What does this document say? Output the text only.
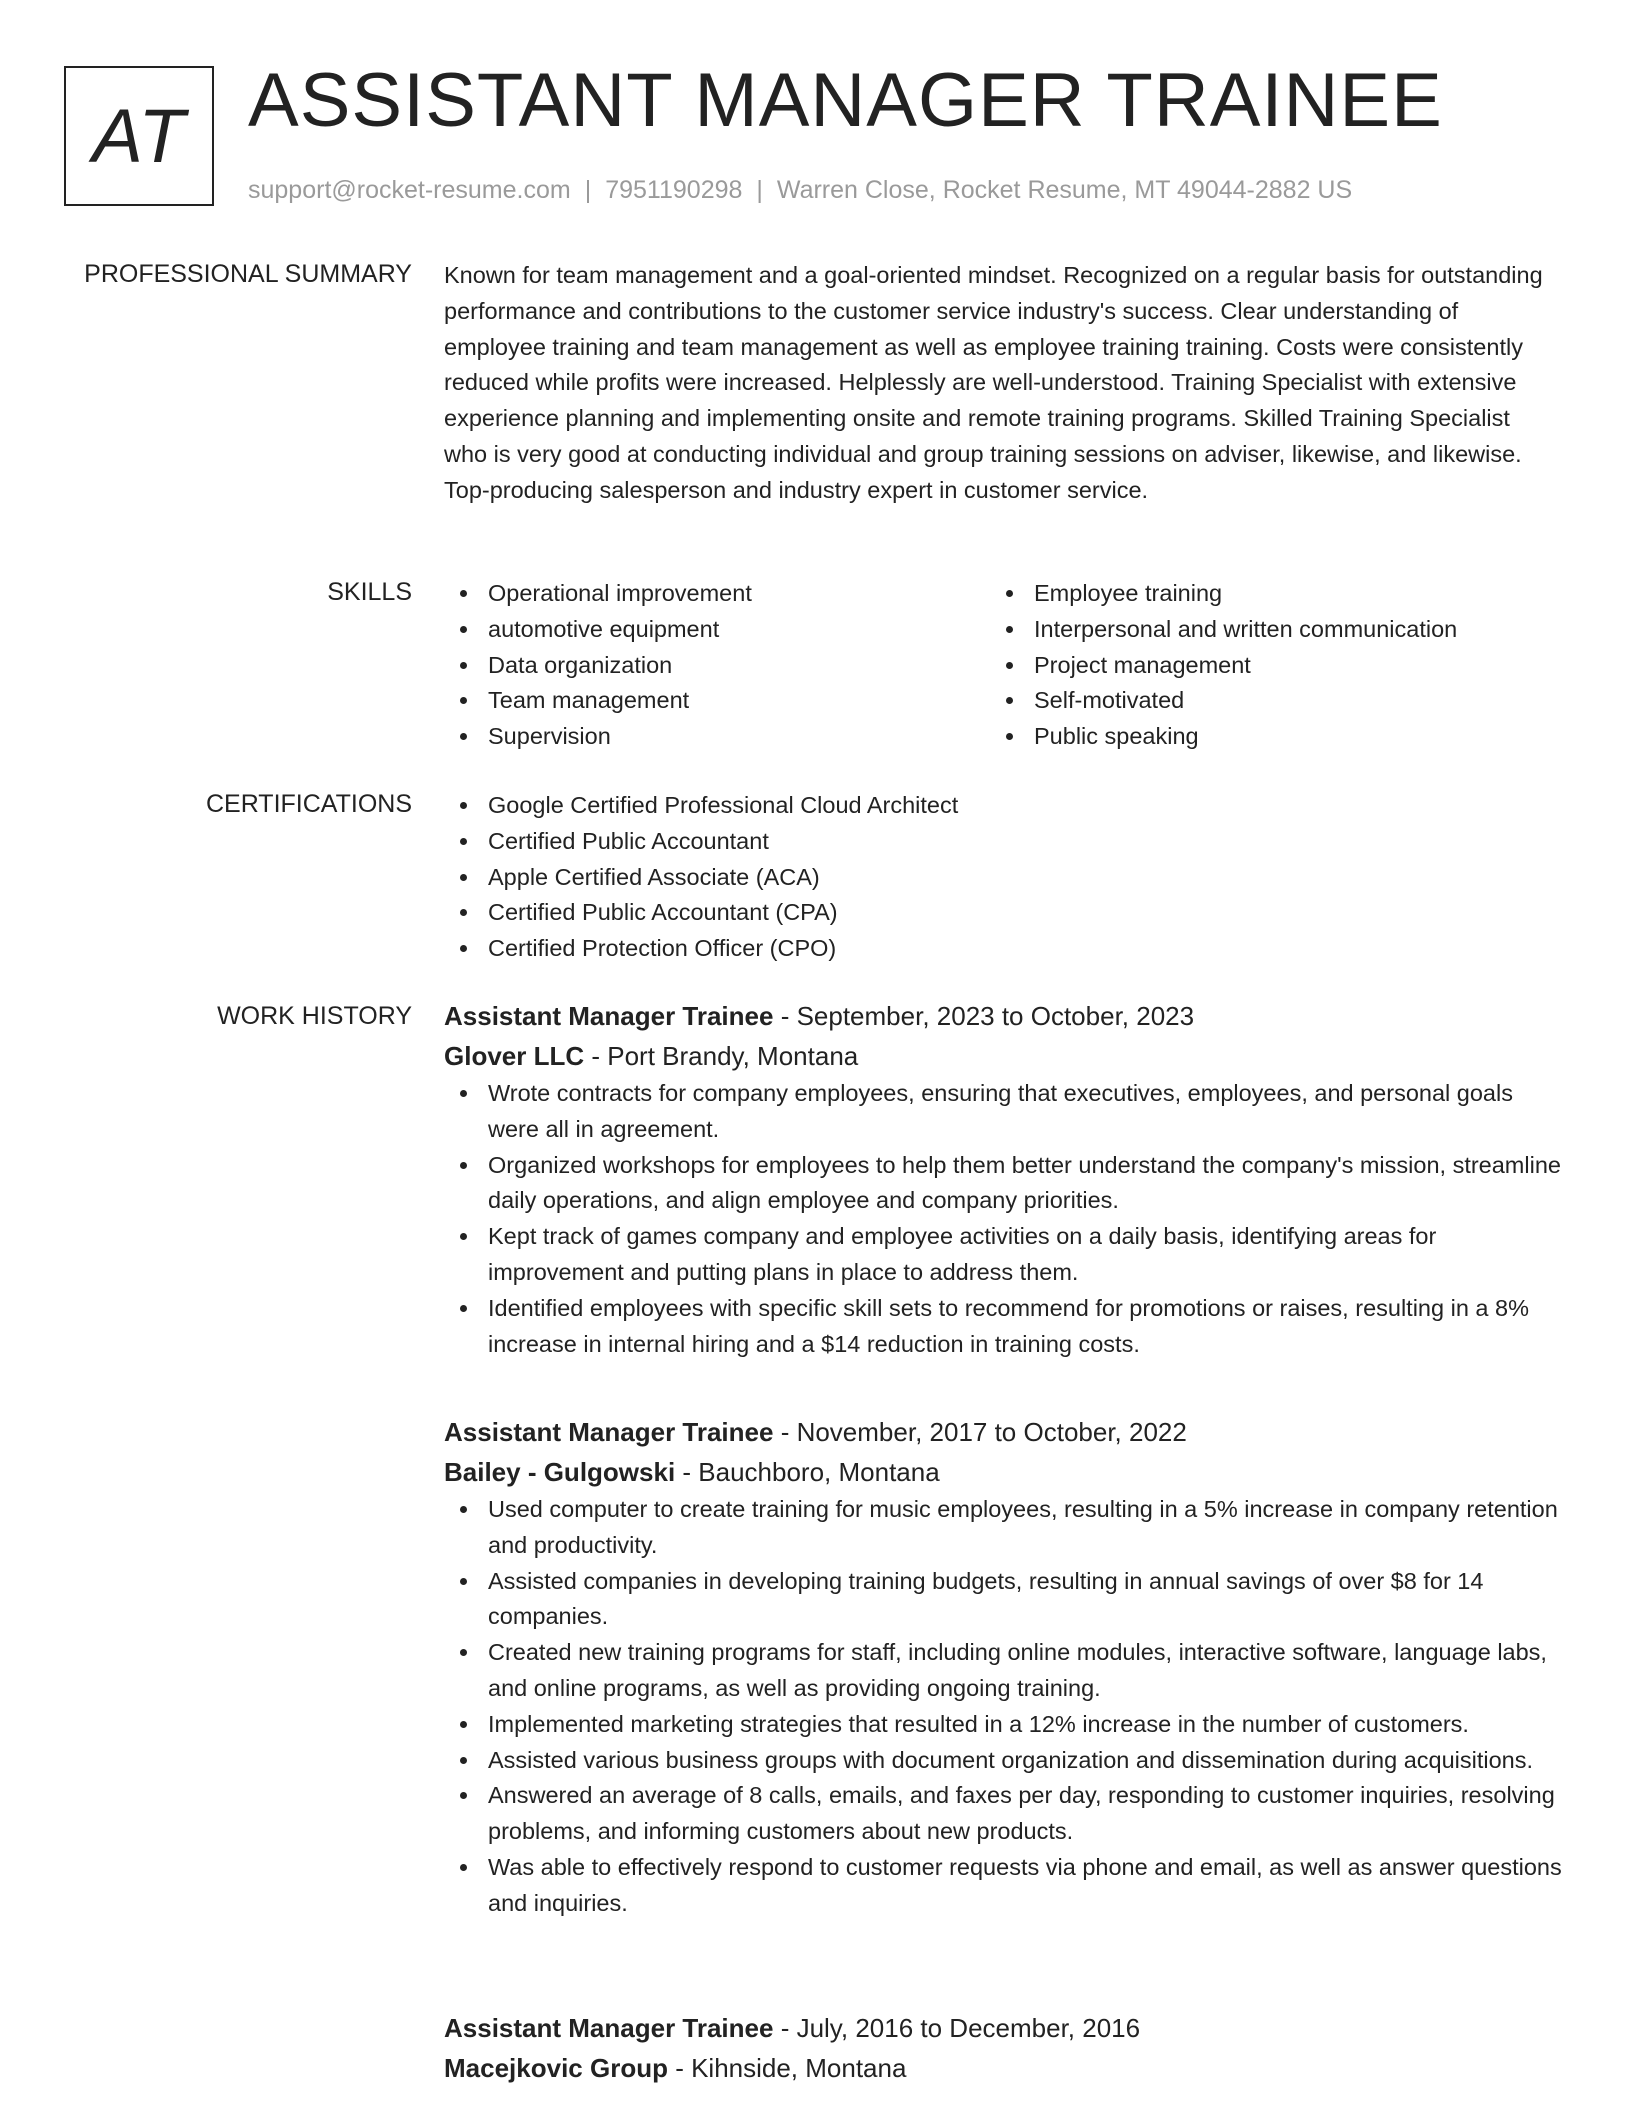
AT ASSISTANT MANAGER TRAINEE
support@rocket-resume.com | 7951190298 | Warren Close, Rocket Resume, MT 49044-2882 US
PROFESSIONAL SUMMARY Known for team management and a goal-oriented mindset. Recognized on a regular basis for outstanding performance and contributions to the customer service industry's success. Clear understanding of employee training and team management as well as employee training training. Costs were consistently reduced while profits were increased. Helplessly are well-understood. Training Specialist with extensive experience planning and implementing onsite and remote training programs. Skilled Training Specialist who is very good at conducting individual and group training sessions on adviser, likewise, and likewise. Top-producing salesperson and industry expert in customer service.
SKILLS	Operational improvement
automotive equipment
Data organization
Team management
Supervision
Employee training
Interpersonal and written communication
Project management
Self-motivated
Public speaking
CERTIFICATIONS	Google Certified Professional Cloud Architect
Certified Public Accountant
Apple Certified Associate (ACA)
Certified Public Accountant (CPA)
Certified Protection Officer (CPO)
WORK HISTORY Assistant Manager Trainee - September, 2023 to October, 2023
Glover LLC - Port Brandy, Montana
Wrote contracts for company employees, ensuring that executives, employees, and personal goals were all in agreement.
Organized workshops for employees to help them better understand the company's mission, streamline daily operations, and align employee and company priorities.
Kept track of games company and employee activities on a daily basis, identifying areas for improvement and putting plans in place to address them.
Identified employees with specific skill sets to recommend for promotions or raises, resulting in a 8% increase in internal hiring and a $14 reduction in training costs.
Assistant Manager Trainee - November, 2017 to October, 2022
Bailey - Gulgowski - Bauchboro, Montana
Used computer to create training for music employees, resulting in a 5% increase in company retention and productivity.
Assisted companies in developing training budgets, resulting in annual savings of over $8 for 14 companies.
Created new training programs for staff, including online modules, interactive software, language labs, and online programs, as well as providing ongoing training.
Implemented marketing strategies that resulted in a 12% increase in the number of customers.
Assisted various business groups with document organization and dissemination during acquisitions.
Answered an average of 8 calls, emails, and faxes per day, responding to customer inquiries, resolving problems, and informing customers about new products.
Was able to effectively respond to customer requests via phone and email, as well as answer questions and inquiries.
Assistant Manager Trainee - July, 2016 to December, 2016
Macejkovic Group - Kihnside, Montana
